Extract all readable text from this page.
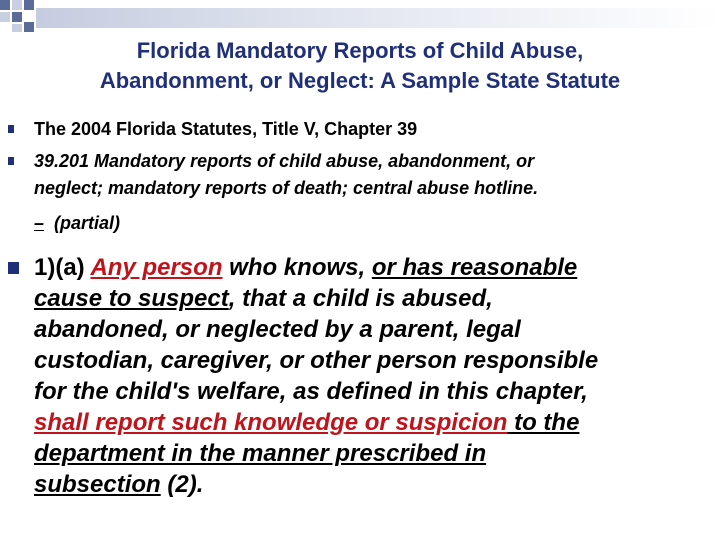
Florida Mandatory Reports of Child Abuse,
Abandonment, or Neglect: A Sample State Statute
The 2004 Florida Statutes, Title V, Chapter 39
39.201 Mandatory reports of child abuse, abandonment, or
neglect; mandatory reports of death; central abuse hotline.
– (partial)
1)(a) Any person who knows, or has reasonable
cause to suspect, that a child is abused,
abandoned, or neglected by a parent, legal
custodian, caregiver, or other person responsible
for the child's welfare, as defined in this chapter,
shall report such knowledge or suspicion to the
department in the manner prescribed in
subsection (2).
